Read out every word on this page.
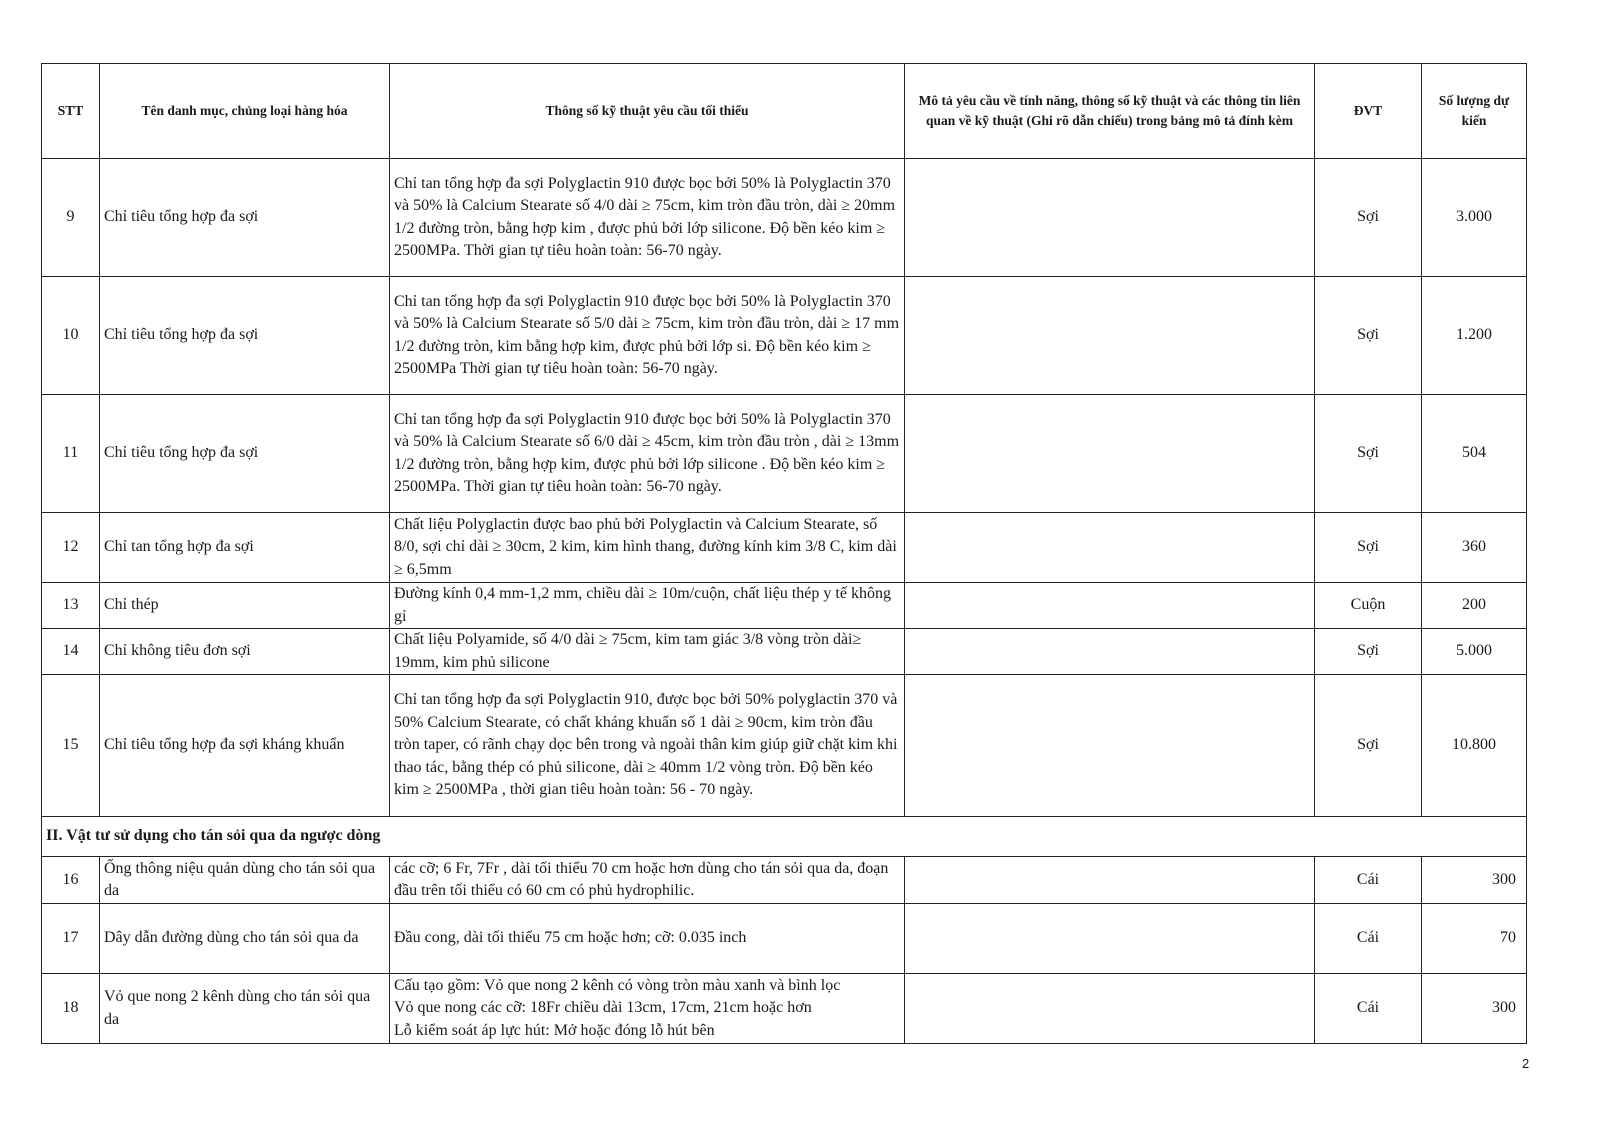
STT	Tên danh mục, chủng loại hàng hóa	Thông số kỹ thuật yêu cầu tối thiểu	Mô tả yêu cầu về tính năng, thông số kỹ thuật và các thông tin liên quan về kỹ thuật (Ghi rõ dẫn chiếu) trong bảng mô tả đính kèm	ĐVT	Số lượng dự kiến
9	Chỉ tiêu tổng hợp đa sợi	Chỉ tan tổng hợp đa sợi Polyglactin 910 được bọc bởi 50% là Polyglactin 370 và 50% là Calcium Stearate số 4/0 dài ≥ 75cm, kim tròn đầu tròn, dài ≥ 20mm 1/2 đường tròn, bằng hợp kim , được phủ bởi lớp silicone. Độ bền kéo kim ≥ 2500MPa. Thời gian tự tiêu hoàn toàn: 56-70 ngày.		Sợi	3.000
10	Chỉ tiêu tổng hợp đa sợi	Chỉ tan tổng hợp đa sợi Polyglactin 910 được bọc bởi 50% là Polyglactin 370 và 50% là Calcium Stearate số 5/0 dài ≥ 75cm, kim tròn đầu tròn, dài ≥ 17 mm 1/2 đường tròn, kim bằng hợp kim, được phủ bởi lớp si. Độ bền kéo kim ≥ 2500MPa Thời gian tự tiêu hoàn toàn: 56-70 ngày.		Sợi	1.200
11	Chỉ tiêu tổng hợp đa sợi	Chỉ tan tổng hợp đa sợi Polyglactin 910 được bọc bởi 50% là Polyglactin 370 và 50% là Calcium Stearate số 6/0 dài ≥ 45cm, kim tròn đầu tròn , dài ≥ 13mm 1/2 đường tròn, bằng hợp kim, được phủ bởi lớp silicone . Độ bền kéo kim ≥ 2500MPa. Thời gian tự tiêu hoàn toàn: 56-70 ngày.		Sợi	504
12	Chỉ tan tổng hợp đa sợi	Chất liệu Polyglactin được bao phủ bởi Polyglactin và Calcium Stearate, số 8/0, sợi chỉ dài ≥ 30cm, 2 kim, kim hình thang, đường kính kim 3/8 C, kim dài ≥ 6,5mm		Sợi	360
13	Chỉ thép	Đường kính 0,4 mm-1,2 mm, chiều dài ≥ 10m/cuộn, chất liệu thép y tế không gỉ		Cuộn	200
14	Chỉ không tiêu đơn sợi	Chất liệu Polyamide, số 4/0 dài ≥ 75cm, kim tam giác 3/8 vòng tròn dài≥ 19mm, kim phủ silicone		Sợi	5.000
15	Chỉ tiêu tổng hợp đa sợi kháng khuẩn	Chỉ tan tổng hợp đa sợi Polyglactin 910, được bọc bởi 50% polyglactin 370 và 50% Calcium Stearate, có chất kháng khuẩn số 1 dài ≥ 90cm, kim tròn đầu tròn taper, có rãnh chạy dọc bên trong và ngoài thân kim giúp giữ chặt kim khi thao tác, bằng thép có phủ silicone, dài ≥ 40mm 1/2 vòng tròn. Độ bền kéo kim ≥ 2500MPa , thời gian tiêu hoàn toàn: 56 - 70 ngày.		Sợi	10.800
II. Vật tư sử dụng cho tán sỏi qua da ngược dòng					
16	Ống thông niệu quản dùng cho tán sỏi qua da	các cỡ; 6 Fr, 7Fr , dài tối thiểu 70 cm hoặc hơn dùng cho tán sỏi qua da, đoạn đầu trên tối thiểu có 60 cm có phủ hydrophilic.		Cái	300
17	Dây dẫn đường dùng cho tán sỏi qua da	Đầu cong, dài tối thiểu 75 cm hoặc hơn; cỡ: 0.035 inch		Cái	70
18	Vỏ que nong 2 kênh dùng cho tán sỏi qua da	Cấu tạo gồm: Vỏ que nong 2 kênh có vòng tròn màu xanh và bình lọc
Vỏ que nong các cỡ: 18Fr chiều dài 13cm, 17cm, 21cm hoặc hơn
Lỗ kiểm soát áp lực hút: Mở hoặc đóng lỗ hút bên		Cái	300
2
